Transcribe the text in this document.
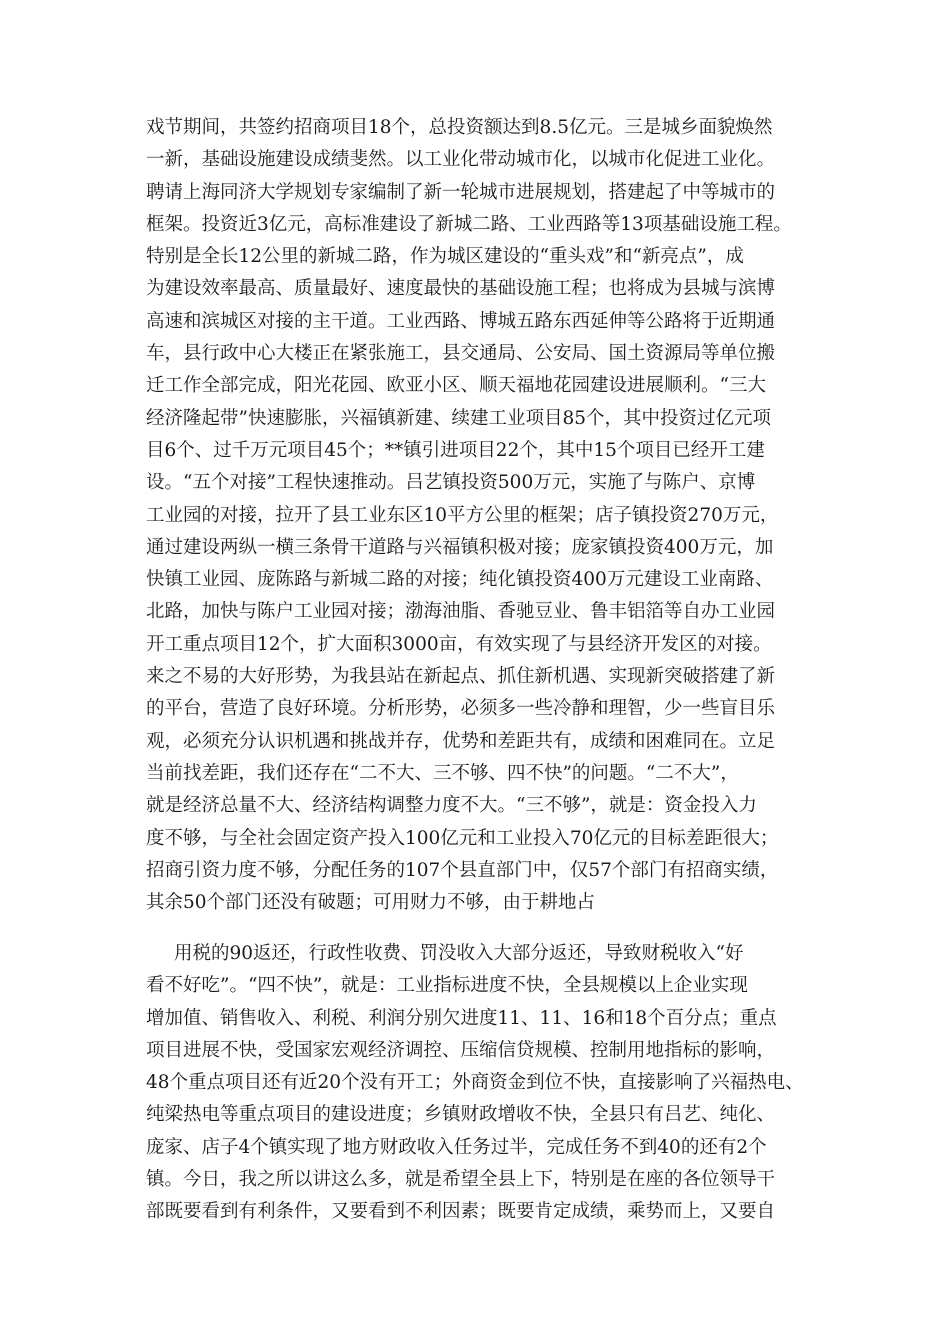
戏节期间，共签约招商项目18个，总投资额达到8.5亿元。三是城乡面貌焕然
一新，基础设施建设成绩斐然。以工业化带动城市化，以城市化促进工业化。
聘请上海同济大学规划专家编制了新一轮城市进展规划，搭建起了中等城市的
框架。投资近3亿元，高标准建设了新城二路、工业西路等13项基础设施工程。
特别是全长12公里的新城二路，作为城区建设的“重头戏”和“新亮点”，成
为建设效率最高、质量最好、速度最快的基础设施工程；也将成为县城与滨博
高速和滨城区对接的主干道。工业西路、博城五路东西延伸等公路将于近期通
车，县行政中心大楼正在紧张施工，县交通局、公安局、国土资源局等单位搬
迁工作全部完成，阳光花园、欧亚小区、顺天福地花园建设进展顺利。“三大
经济隆起带”快速膨胀，兴福镇新建、续建工业项目85个，其中投资过亿元项
目6个、过千万元项目45个；**镇引进项目22个，其中15个项目已经开工建
设。“五个对接”工程快速推动。吕艺镇投资500万元，实施了与陈户、京博
工业园的对接，拉开了县工业东区10平方公里的框架；店子镇投资270万元，
通过建设两纵一横三条骨干道路与兴福镇积极对接；庞家镇投资400万元，加
快镇工业园、庞陈路与新城二路的对接；纯化镇投资400万元建设工业南路、
北路，加快与陈户工业园对接；渤海油脂、香驰豆业、鲁丰铝箔等自办工业园
开工重点项目12个，扩大面积3000亩，有效实现了与县经济开发区的对接。
来之不易的大好形势，为我县站在新起点、抓住新机遇、实现新突破搭建了新
的平台，营造了良好环境。分析形势，必须多一些冷静和理智，少一些盲目乐
观，必须充分认识机遇和挑战并存，优势和差距共有，成绩和困难同在。立足
当前找差距，我们还存在“二不大、三不够、四不快”的问题。“二不大”，
就是经济总量不大、经济结构调整力度不大。“三不够”，就是：资金投入力
度不够，与全社会固定资产投入100亿元和工业投入70亿元的目标差距很大；
招商引资力度不够，分配任务的107个县直部门中，仅57个部门有招商实绩，
其余50个部门还没有破题；可用财力不够，由于耕地占
用税的90返还，行政性收费、罚没收入大部分返还，导致财税收入“好
看不好吃”。“四不快”，就是：工业指标进度不快，全县规模以上企业实现
增加值、销售收入、利税、利润分别欠进度11、11、16和18个百分点；重点
项目进展不快，受国家宏观经济调控、压缩信贷规模、控制用地指标的影响，
48个重点项目还有近20个没有开工；外商资金到位不快，直接影响了兴福热电、
纯梁热电等重点项目的建设进度；乡镇财政增收不快，全县只有吕艺、纯化、
庞家、店子4个镇实现了地方财政收入任务过半，完成任务不到40的还有2个
镇。今日，我之所以讲这么多，就是希望全县上下，特别是在座的各位领导干
部既要看到有利条件，又要看到不利因素；既要肯定成绩，乘势而上，又要自
